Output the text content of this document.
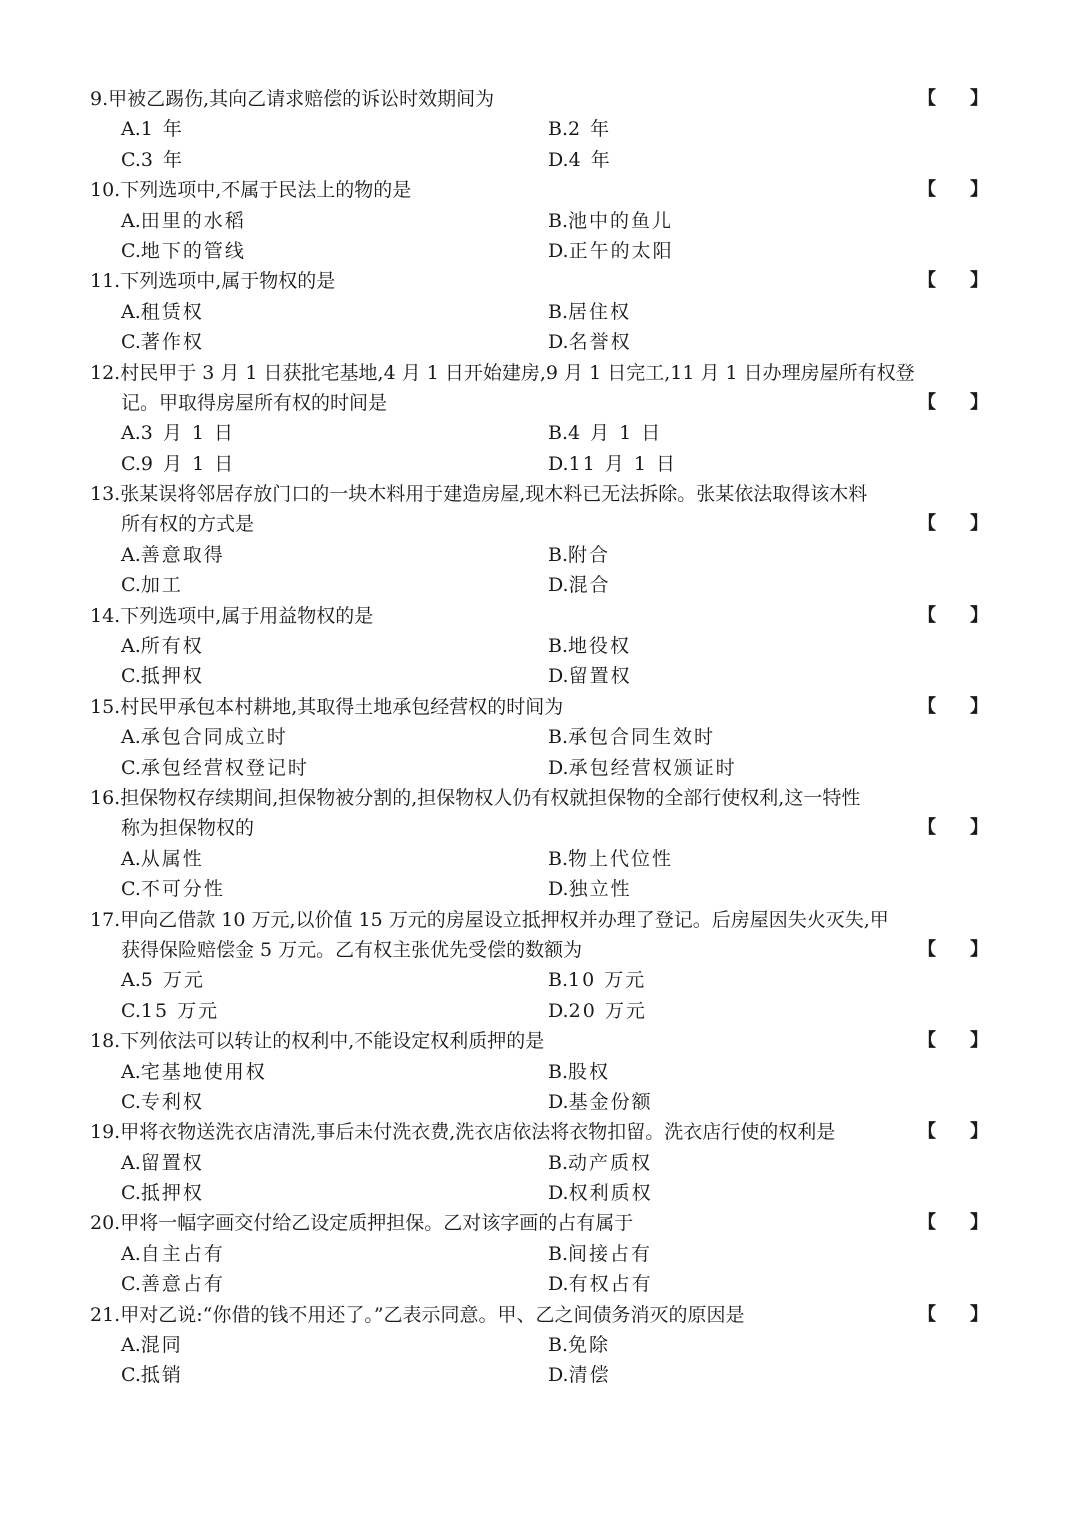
9.甲被乙踢伤,其向乙请求赔偿的诉讼时效期间为	【 】
A.1 年	B.2 年
C.3 年	D.4 年
10.下列选项中,不属于民法上的物的是	【 】
A.田里的水稻	B.池中的鱼儿
C.地下的管线	D.正午的太阳
11.下列选项中,属于物权的是	【 】
A.租赁权	B.居住权
C.著作权	D.名誉权
12.村民甲于 3 月 1 日获批宅基地,4 月 1 日开始建房,9 月 1 日完工,11 月 1 日办理房屋所有权登
记。甲取得房屋所有权的时间是	【 】
A.3 月 1 日	B.4 月 1 日
C.9 月 1 日	D.11 月 1 日
13.张某误将邻居存放门口的一块木料用于建造房屋,现木料已无法拆除。张某依法取得该木料
所有权的方式是	【 】
A.善意取得	B.附合
C.加工	D.混合
14.下列选项中,属于用益物权的是	【 】
A.所有权	B.地役权
C.抵押权	D.留置权
15.村民甲承包本村耕地,其取得土地承包经营权的时间为	【 】
A.承包合同成立时	B.承包合同生效时
C.承包经营权登记时	D.承包经营权颁证时
16.担保物权存续期间,担保物被分割的,担保物权人仍有权就担保物的全部行使权利,这一特性
称为担保物权的	【 】
A.从属性	B.物上代位性
C.不可分性	D.独立性
17.甲向乙借款 10 万元,以价值 15 万元的房屋设立抵押权并办理了登记。后房屋因失火灭失,甲
获得保险赔偿金 5 万元。乙有权主张优先受偿的数额为	【 】
A.5 万元	B.10 万元
C.15 万元	D.20 万元
18.下列依法可以转让的权利中,不能设定权利质押的是	【 】
A.宅基地使用权	B.股权
C.专利权	D.基金份额
19.甲将衣物送洗衣店清洗,事后未付洗衣费,洗衣店依法将衣物扣留。洗衣店行使的权利是	【 】
A.留置权	B.动产质权
C.抵押权	D.权利质权
20.甲将一幅字画交付给乙设定质押担保。乙对该字画的占有属于	【 】
A.自主占有	B.间接占有
C.善意占有	D.有权占有
21.甲对乙说:“你借的钱不用还了。”乙表示同意。甲、乙之间债务消灭的原因是	【 】
A.混同	B.免除
C.抵销	D.清偿
